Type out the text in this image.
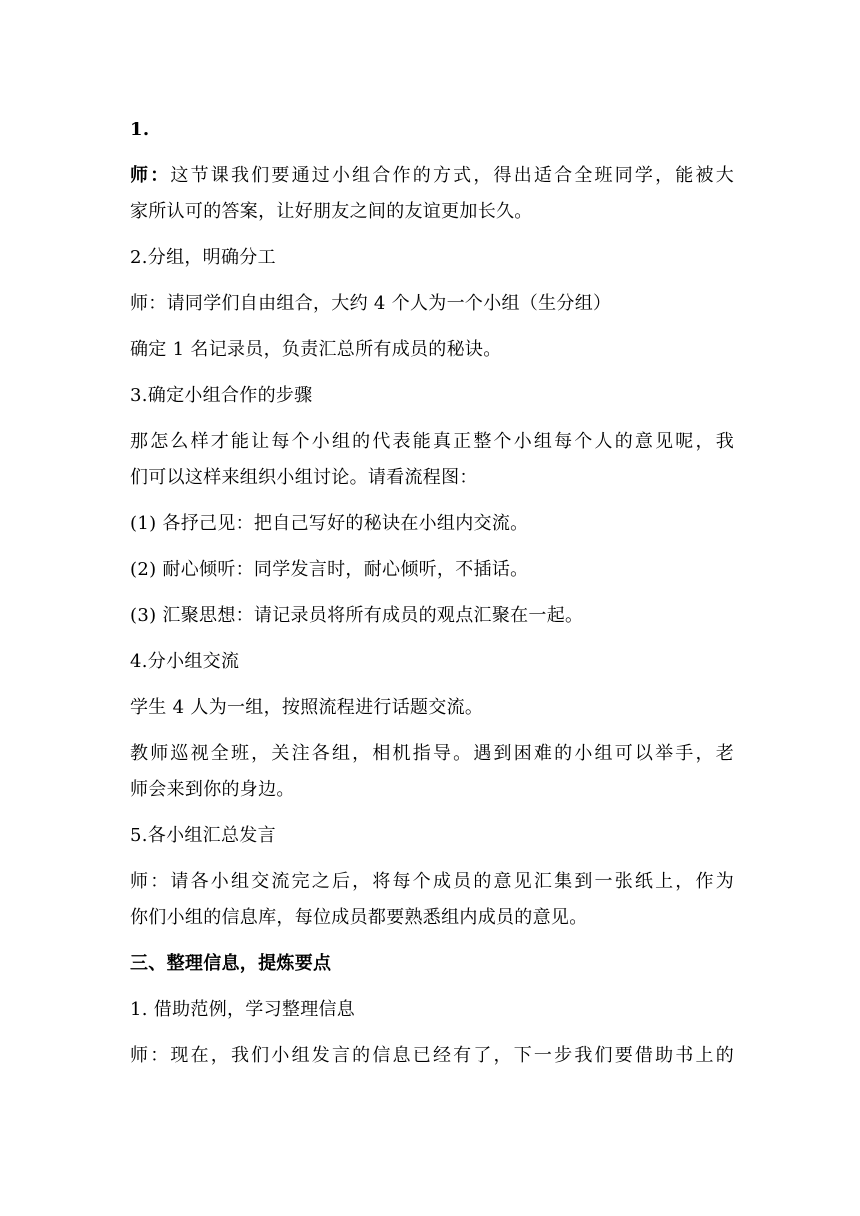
1.
师：这节课我们要通过小组合作的方式，得出适合全班同学，能被大
家所认可的答案，让好朋友之间的友谊更加长久。
2.分组，明确分工
师：请同学们自由组合，大约 4 个人为一个小组（生分组）
确定 1 名记录员，负责汇总所有成员的秘诀。
3.确定小组合作的步骤
那怎么样才能让每个小组的代表能真正整个小组每个人的意见呢，我
们可以这样来组织小组讨论。请看流程图：
(1) 各抒己见：把自己写好的秘诀在小组内交流。
(2) 耐心倾听：同学发言时，耐心倾听，不插话。
(3) 汇聚思想：请记录员将所有成员的观点汇聚在一起。
4.分小组交流
学生 4 人为一组，按照流程进行话题交流。
教师巡视全班，关注各组，相机指导。遇到困难的小组可以举手，老
师会来到你的身边。
5.各小组汇总发言
师：请各小组交流完之后，将每个成员的意见汇集到一张纸上，作为
你们小组的信息库，每位成员都要熟悉组内成员的意见。
三、整理信息，提炼要点
1. 借助范例，学习整理信息
师：现在，我们小组发言的信息已经有了，下一步我们要借助书上的
